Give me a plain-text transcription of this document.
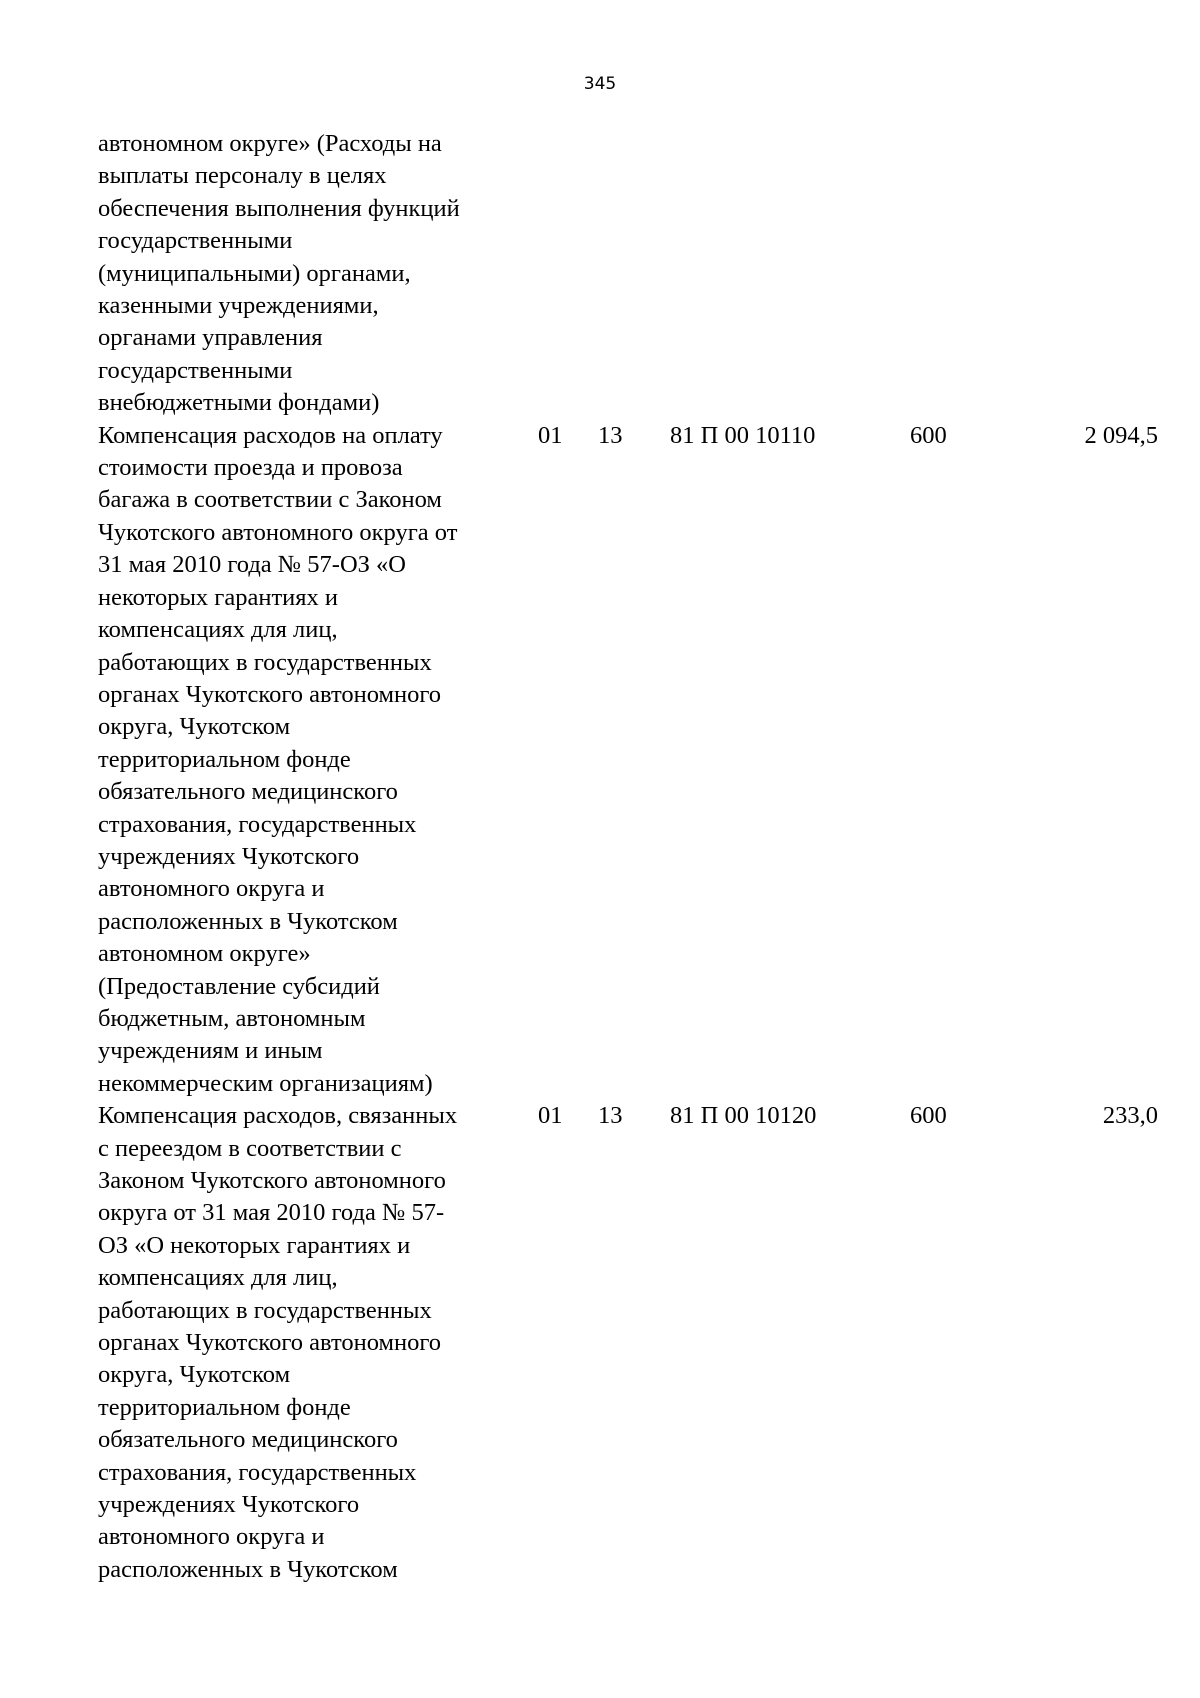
345
автономном округе» (Расходы на
выплаты персоналу в целях
обеспечения выполнения функций
государственными
(муниципальными) органами,
казенными учреждениями,
органами управления
государственными
внебюджетными фондами)
Компенсация расходов на оплату
стоимости проезда и провоза
багажа в соответствии с Законом
Чукотского автономного округа от
31 мая 2010 года № 57-ОЗ «О
некоторых гарантиях и
компенсациях для лиц,
работающих в государственных
органах Чукотского автономного
округа, Чукотском
территориальном фонде
обязательного медицинского
страхования, государственных
учреждениях Чукотского
автономного округа и
расположенных в Чукотском
автономном округе»
(Предоставление субсидий
бюджетным, автономным
учреждениям и иным
некоммерческим организациям)
01 13 81 П 00 10110	600	2 094,5
Компенсация расходов, связанных
с переездом в соответствии с
Законом Чукотского автономного
округа от 31 мая 2010 года № 57-
ОЗ «О некоторых гарантиях и
компенсациях для лиц,
работающих в государственных
органах Чукотского автономного
округа, Чукотском
территориальном фонде
обязательного медицинского
страхования, государственных
учреждениях Чукотского
автономного округа и
расположенных в Чукотском
01 13 81 П 00 10120	600	233,0
